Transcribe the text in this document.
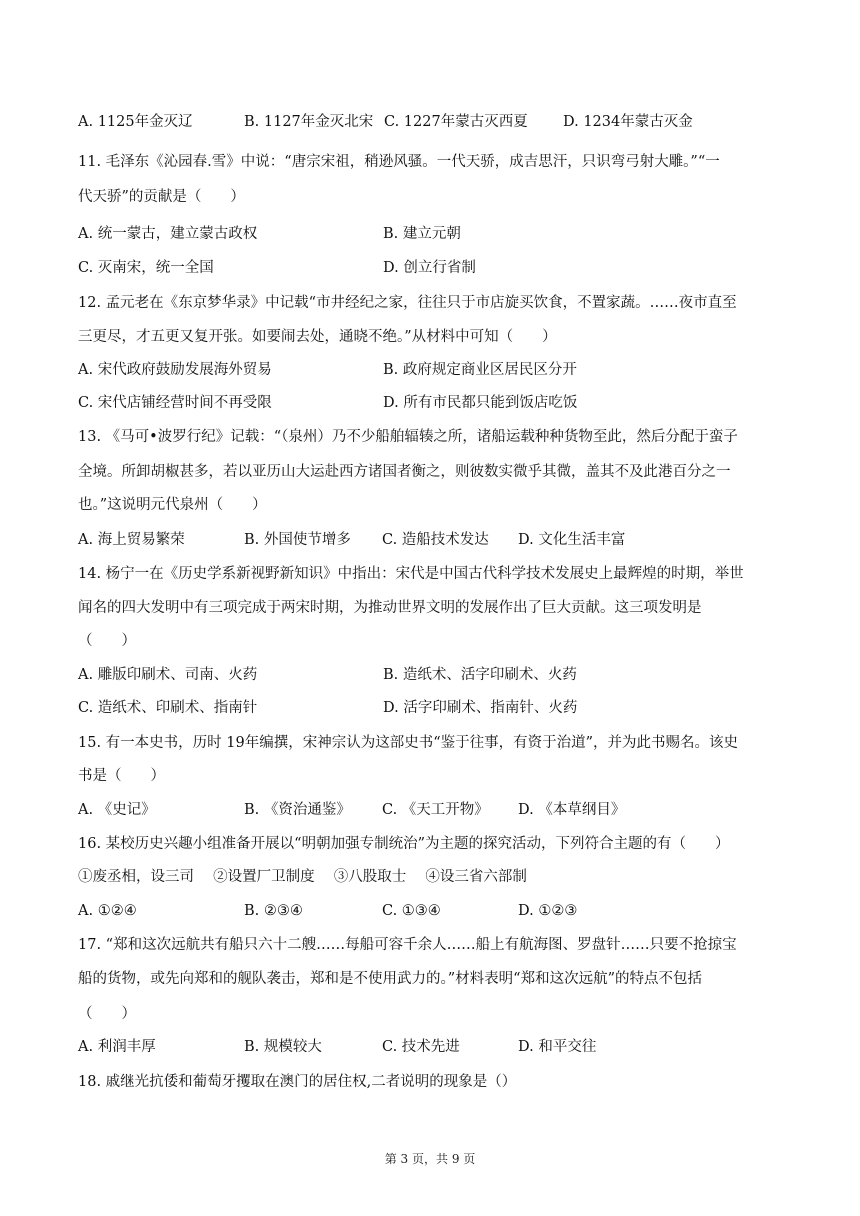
A. 1125年金灭辽	B. 1127年金灭北宋 C. 1227年蒙古灭西夏 D. 1234年蒙古灭金
11. 毛泽东《沁园春.雪》中说：“唐宗宋祖，稍逊风骚。一代天骄，成吉思汗，只识弯弓射大雕。”“一
代天骄”的贡献是（　　）
A. 统一蒙古，建立蒙古政权	B. 建立元朝
C. 灭南宋，统一全国	D. 创立行省制
12. 孟元老在《东京梦华录》中记载“市井经纪之家，往往只于市店旋买饮食，不置家蔬。……夜市直至
三更尽，才五更又复开张。如要闹去处，通晓不绝。”从材料中可知（　　）
A. 宋代政府鼓励发展海外贸易	B. 政府规定商业区居民区分开
C. 宋代店铺经营时间不再受限	D. 所有市民都只能到饭店吃饭
13. 《马可•波罗行纪》记载：“（泉州）乃不少船舶辐辏之所，诸船运载种种货物至此，然后分配于蛮子
全境。所卸胡椒甚多，若以亚历山大运赴西方诸国者衡之，则彼数实微乎其微，盖其不及此港百分之一
也。”这说明元代泉州（　　）
A. 海上贸易繁荣	B. 外国使节增多 C. 造船技术发达 D. 文化生活丰富
14. 杨宁一在《历史学系新视野新知识》中指出：宋代是中国古代科学技术发展史上最辉煌的时期，举世
闻名的四大发明中有三项完成于两宋时期，为推动世界文明的发展作出了巨大贡献。这三项发明是
（　　）
A. 雕版印刷术、司南、火药	B. 造纸术、活字印刷术、火药
C. 造纸术、印刷术、指南针	D. 活字印刷术、指南针、火药
15. 有一本史书，历时 19年编撰，宋神宗认为这部史书“鉴于往事，有资于治道”，并为此书赐名。该史
书是（　　）
A. 《史记》	B. 《资治通鉴》 C. 《天工开物》 D. 《本草纲目》
16. 某校历史兴趣小组准备开展以“明朝加强专制统治”为主题的探究活动，下列符合主题的有（　　）
①废丞相，设三司　 ②设置厂卫制度　 ③八股取士　 ④设三省六部制
A. ①②④	B. ②③④	C. ①③④	D. ①②③
17. “郑和这次远航共有船只六十二艘……每船可容千余人……船上有航海图、罗盘针……只要不抢掠宝
船的货物，或先向郑和的舰队袭击，郑和是不使用武力的。”材料表明“郑和这次远航”的特点不包括
（　　）
A. 利润丰厚	B. 规模较大	C. 技术先进	D. 和平交往
18. 戚继光抗倭和葡萄牙攫取在澳门的居住权,二者说明的现象是（）
第 3 页，共 9 页
